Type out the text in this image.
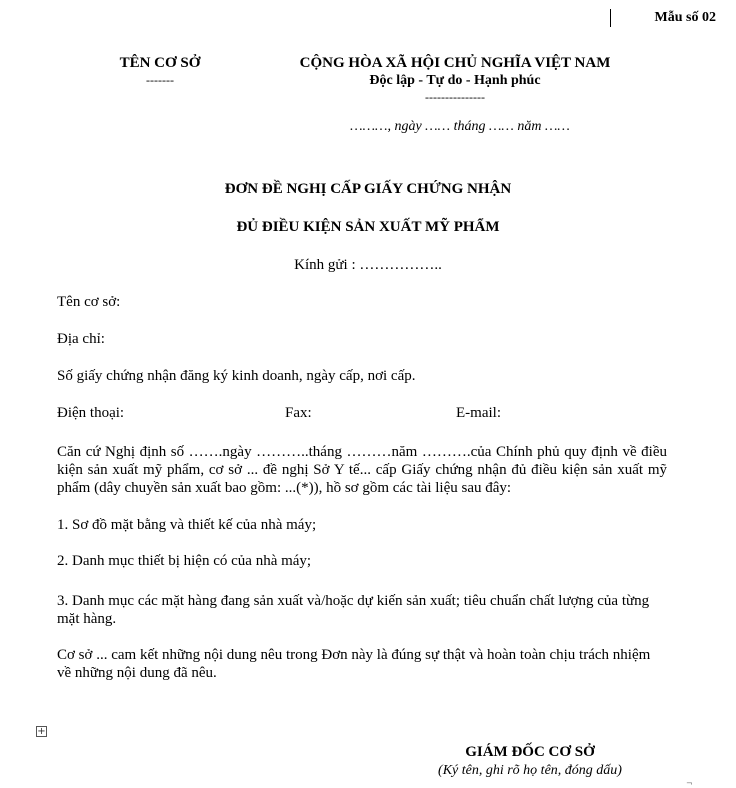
Mẫu số 02
TÊN CƠ SỞ
-------
CỘNG HÒA XÃ HỘI CHỦ NGHĨA VIỆT NAM
Độc lập - Tự do - Hạnh phúc
---------------
………, ngày …… tháng …… năm ……
ĐƠN ĐỀ NGHỊ CẤP GIẤY CHỨNG NHẬN
ĐỦ ĐIỀU KIỆN SẢN XUẤT MỸ PHẨM
Kính gửi : ……………..
Tên cơ sở:
Địa chỉ:
Số giấy chứng nhận đăng ký kinh doanh, ngày cấp, nơi cấp.
Điện thoại:	Fax:	E-mail:
Căn cứ Nghị định số …….ngày ………..tháng ………năm ……….của Chính phủ quy định về điều kiện sản xuất mỹ phẩm, cơ sở ... đề nghị Sở Y tế... cấp Giấy chứng nhận đủ điều kiện sản xuất mỹ phẩm (dây chuyền sản xuất bao gồm: ...(*)), hồ sơ gồm các tài liệu sau đây:
1. Sơ đồ mặt bằng và thiết kế của nhà máy;
2. Danh mục thiết bị hiện có của nhà máy;
3. Danh mục các mặt hàng đang sản xuất và/hoặc dự kiến sản xuất; tiêu chuẩn chất lượng của từng mặt hàng.
Cơ sở ... cam kết những nội dung nêu trong Đơn này là đúng sự thật và hoàn toàn chịu trách nhiệm về những nội dung đã nêu.
+
GIÁM ĐỐC CƠ SỞ
(Ký tên, ghi rõ họ tên, đóng dấu)
¬
